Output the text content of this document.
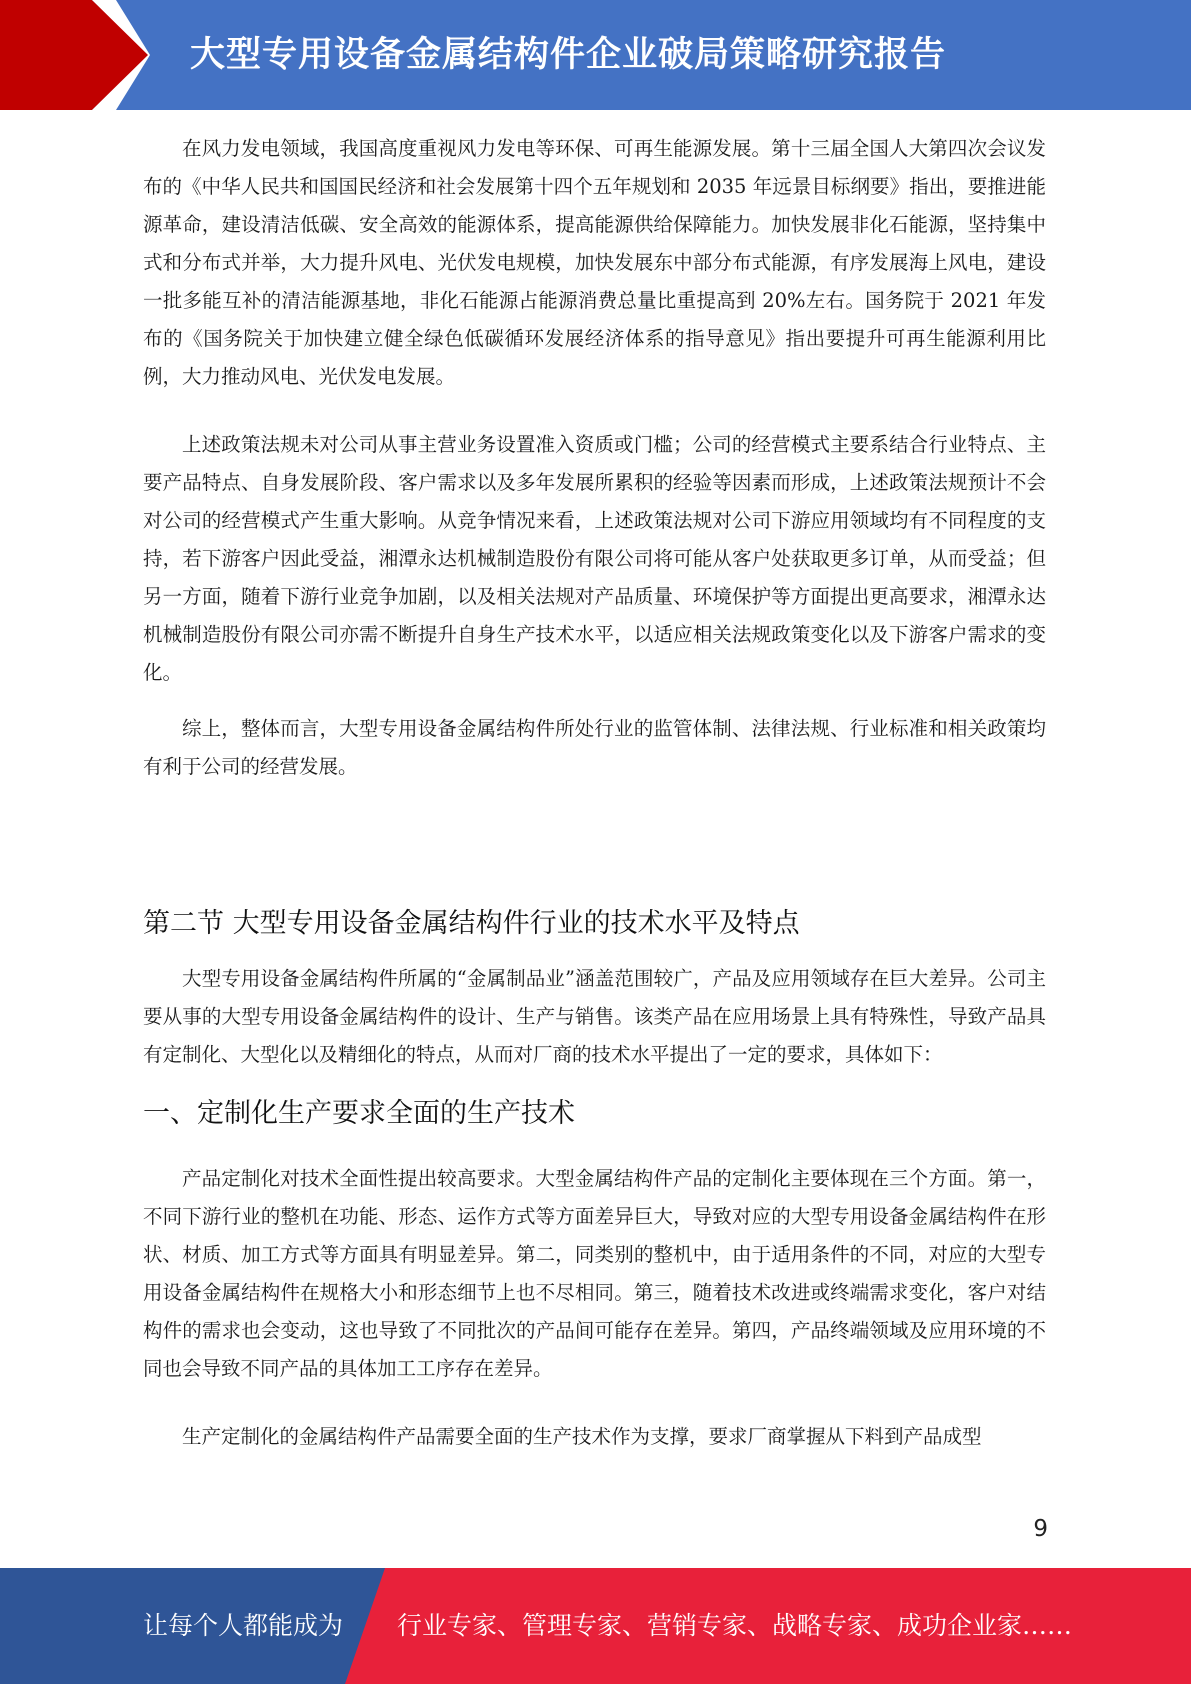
大型专用设备金属结构件企业破局策略研究报告

在风力发电领域，我国高度重视风力发电等环保、可再生能源发展。第十三届全国人大第四次会议发布的《中华人民共和国国民经济和社会发展第十四个五年规划和 2035 年远景目标纲要》指出，要推进能源革命，建设清洁低碳、安全高效的能源体系，提高能源供给保障能力。加快发展非化石能源，坚持集中式和分布式并举，大力提升风电、光伏发电规模，加快发展东中部分布式能源，有序发展海上风电，建设一批多能互补的清洁能源基地，非化石能源占能源消费总量比重提高到 20%左右。国务院于 2021 年发布的《国务院关于加快建立健全绿色低碳循环发展经济体系的指导意见》指出要提升可再生能源利用比例，大力推动风电、光伏发电发展。

上述政策法规未对公司从事主营业务设置准入资质或门槛；公司的经营模式主要系结合行业特点、主要产品特点、自身发展阶段、客户需求以及多年发展所累积的经验等因素而形成，上述政策法规预计不会对公司的经营模式产生重大影响。从竞争情况来看，上述政策法规对公司下游应用领域均有不同程度的支持，若下游客户因此受益，湘潭永达机械制造股份有限公司将可能从客户处获取更多订单，从而受益；但另一方面，随着下游行业竞争加剧，以及相关法规对产品质量、环境保护等方面提出更高要求，湘潭永达机械制造股份有限公司亦需不断提升自身生产技术水平，以适应相关法规政策变化以及下游客户需求的变化。

综上，整体而言，大型专用设备金属结构件所处行业的监管体制、法律法规、行业标准和相关政策均有利于公司的经营发展。

第二节 大型专用设备金属结构件行业的技术水平及特点

大型专用设备金属结构件所属的“金属制品业”涵盖范围较广，产品及应用领域存在巨大差异。公司主要从事的大型专用设备金属结构件的设计、生产与销售。该类产品在应用场景上具有特殊性，导致产品具有定制化、大型化以及精细化的特点，从而对厂商的技术水平提出了一定的要求，具体如下：

一、定制化生产要求全面的生产技术

产品定制化对技术全面性提出较高要求。大型金属结构件产品的定制化主要体现在三个方面。第一，不同下游行业的整机在功能、形态、运作方式等方面差异巨大，导致对应的大型专用设备金属结构件在形状、材质、加工方式等方面具有明显差异。第二，同类别的整机中，由于适用条件的不同，对应的大型专用设备金属结构件在规格大小和形态细节上也不尽相同。第三，随着技术改进或终端需求变化，客户对结构件的需求也会变动，这也导致了不同批次的产品间可能存在差异。第四，产品终端领域及应用环境的不同也会导致不同产品的具体加工工序存在差异。

生产定制化的金属结构件产品需要全面的生产技术作为支撑，要求厂商掌握从下料到产品成型

9
让每个人都能成为 行业专家、管理专家、营销专家、战略专家、成功企业家……
